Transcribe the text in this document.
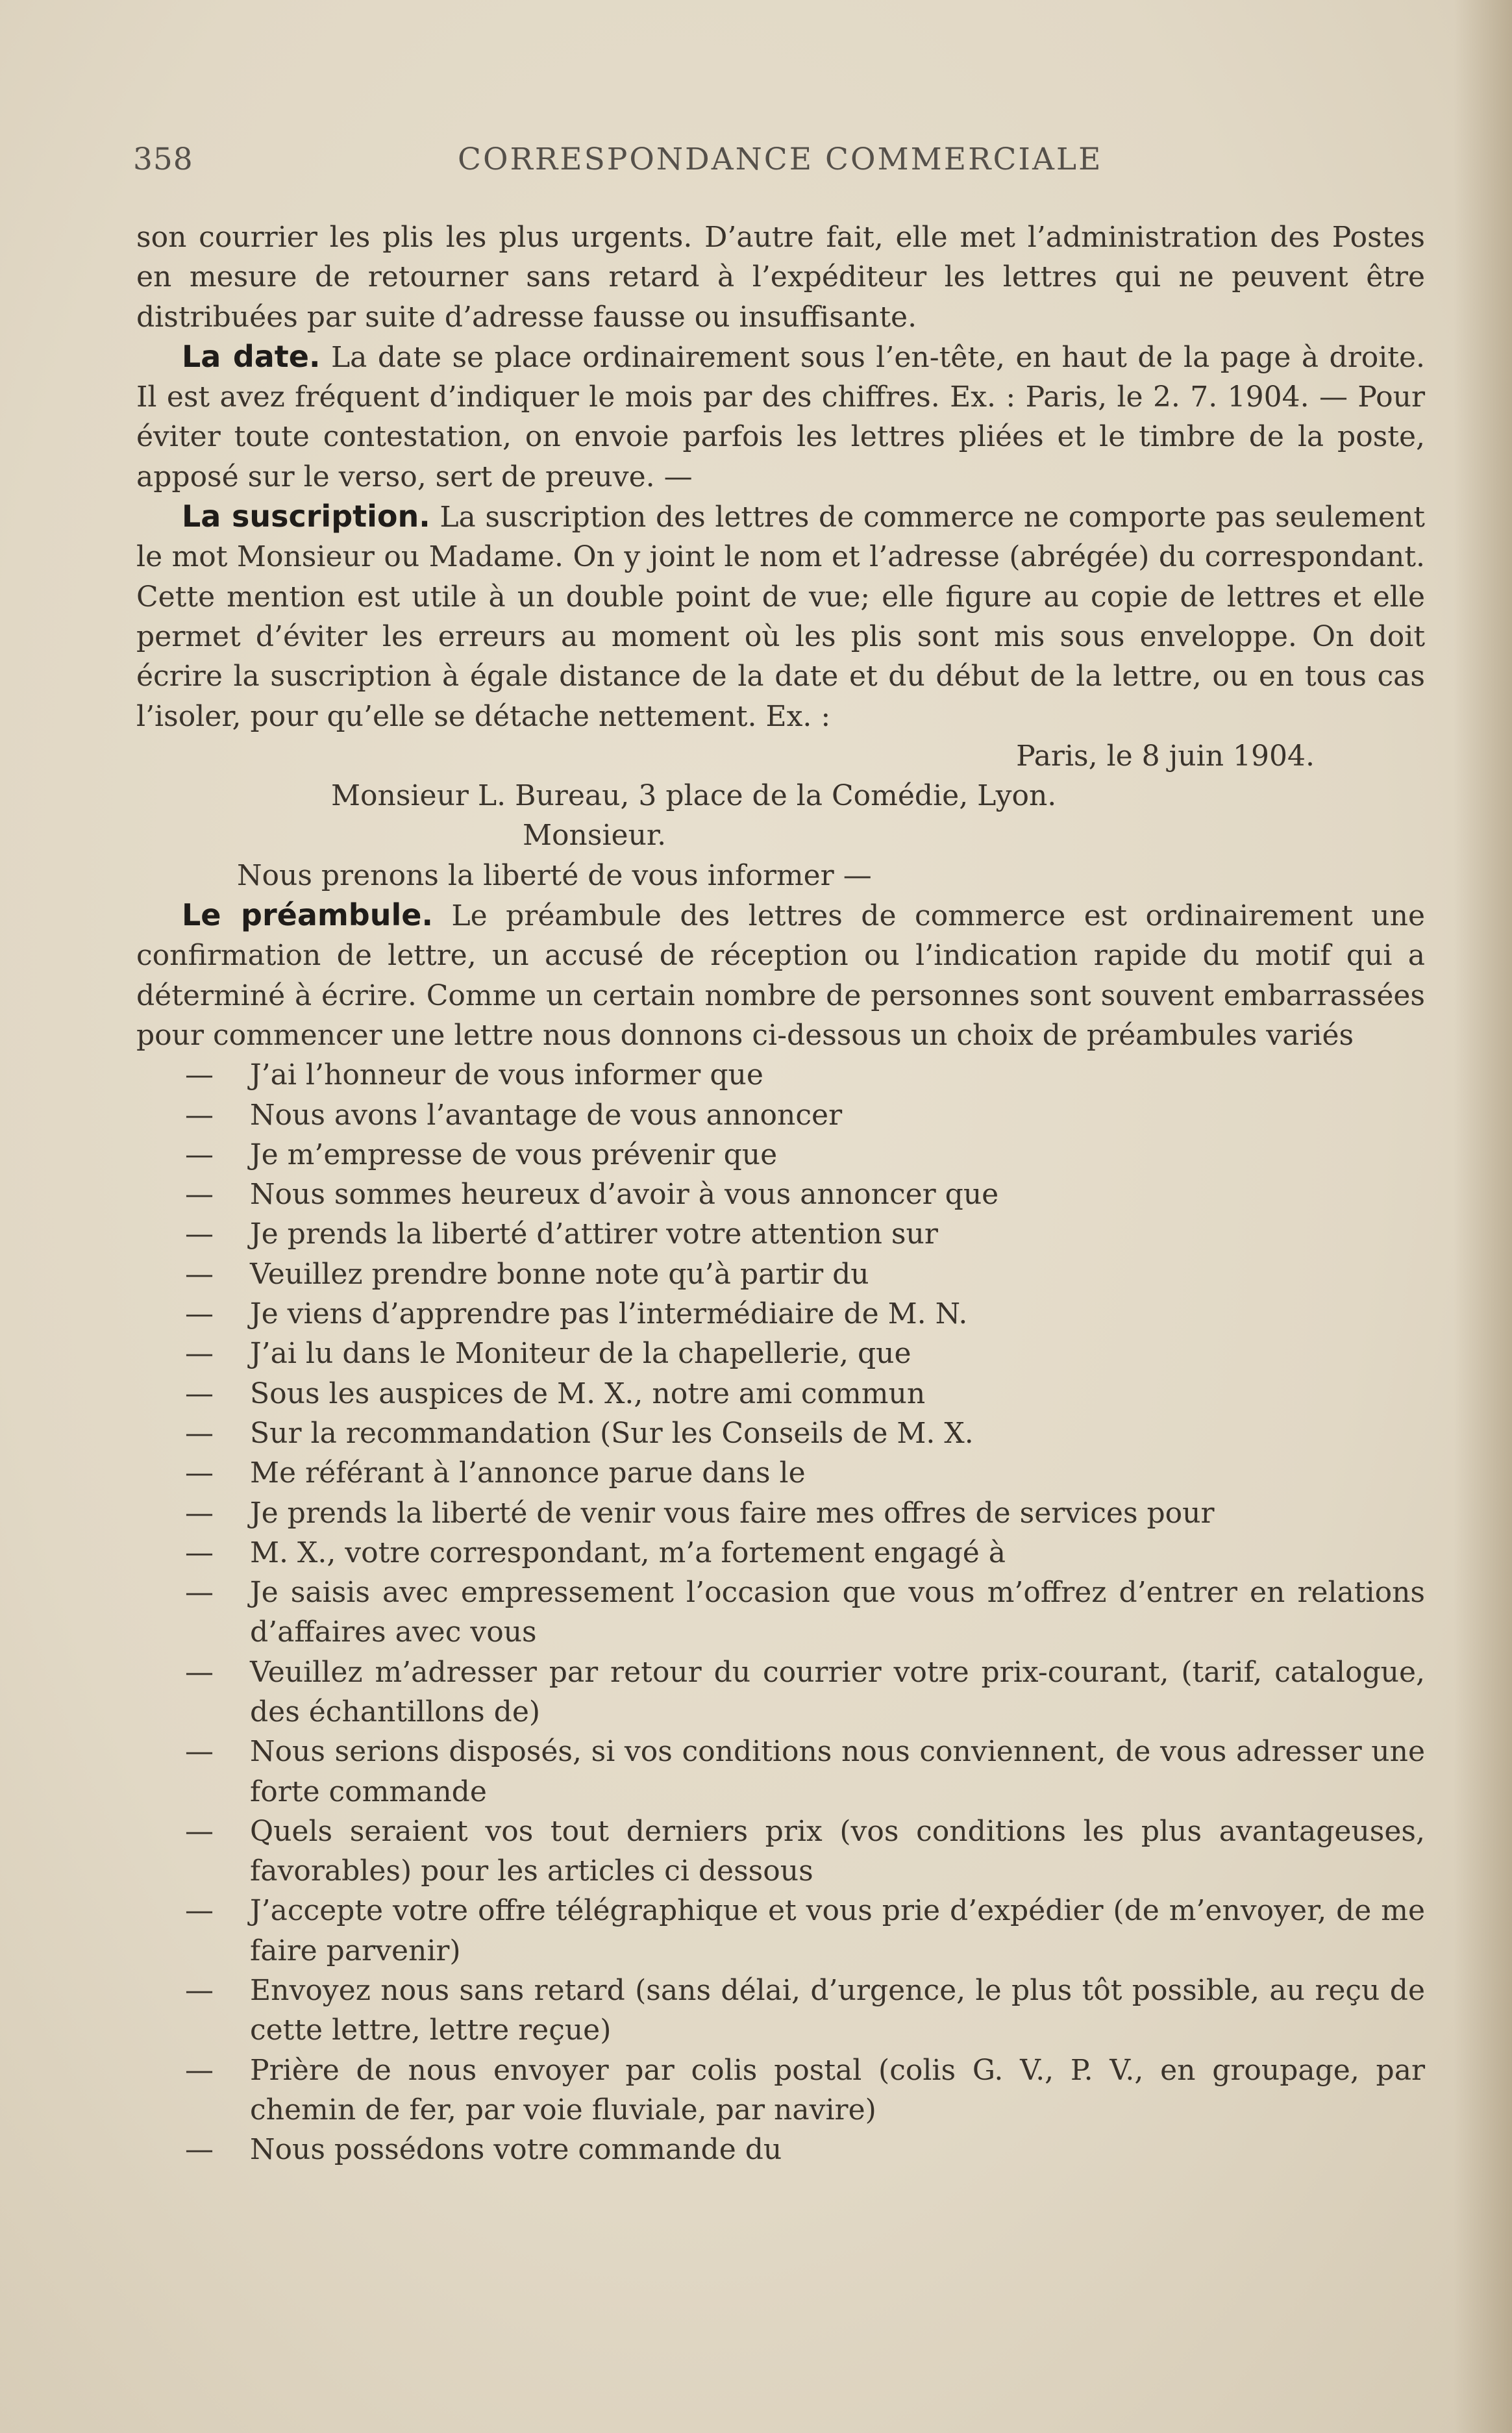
358	CORRESPONDANCE COMMERCIALE

son courrier les plis les plus urgents. D’autre fait, elle met l’administration des Postes en mesure de retourner sans retard à l’expéditeur les lettres qui ne peuvent être distribuées par suite d’adresse fausse ou insuffisante.

La date. La date se place ordinairement sous l’en-tête, en haut de la page à droite. Il est avez fréquent d’indiquer le mois par des chiffres. Ex. : Paris, le 2. 7. 1904. — Pour éviter toute contestation, on envoie parfois les lettres pliées et le timbre de la poste, apposé sur le verso, sert de preuve. —

La suscription. La suscription des lettres de commerce ne comporte pas seulement le mot Monsieur ou Madame. On y joint le nom et l’adresse (abrégée) du correspondant. Cette mention est utile à un double point de vue; elle figure au copie de lettres et elle permet d’éviter les erreurs au moment où les plis sont mis sous enveloppe. On doit écrire la suscription à égale distance de la date et du début de la lettre, ou en tous cas l’isoler, pour qu’elle se détache nettement. Ex. :

Paris, le 8 juin 1904.

Monsieur L. Bureau, 3 place de la Comédie, Lyon.

Monsieur.

Nous prenons la liberté de vous informer —

Le préambule. Le préambule des lettres de commerce est ordinairement une confirmation de lettre, un accusé de réception ou l’indication rapide du motif qui a déterminé à écrire. Comme un certain nombre de personnes sont souvent embarrassées pour commencer une lettre nous donnons ci-dessous un choix de préambules variés

— J’ai l’honneur de vous informer que

— Nous avons l’avantage de vous annoncer

— Je m’empresse de vous prévenir que

— Nous sommes heureux d’avoir à vous annoncer que

— Je prends la liberté d’attirer votre attention sur

— Veuillez prendre bonne note qu’à partir du

— Je viens d’apprendre pas l’intermédiaire de M. N.

— J’ai lu dans le Moniteur de la chapellerie, que

— Sous les auspices de M. X., notre ami commun

— Sur la recommandation (Sur les Conseils de M. X.

— Me référant à l’annonce parue dans le

— Je prends la liberté de venir vous faire mes offres de services pour

— M. X., votre correspondant, m’a fortement engagé à

— Je saisis avec empressement l’occasion que vous m’offrez d’entrer en relations d’affaires avec vous

— Veuillez m’adresser par retour du courrier votre prix-courant, (tarif, catalogue, des échantillons de)

— Nous serions disposés, si vos conditions nous conviennent, de vous adresser une forte commande

— Quels seraient vos tout derniers prix (vos conditions les plus avantageuses, favorables) pour les articles ci dessous

— J’accepte votre offre télégraphique et vous prie d’expédier (de m’envoyer, de me faire parvenir)

— Envoyez nous sans retard (sans délai, d’urgence, le plus tôt possible, au reçu de cette lettre, lettre reçue)

— Prière de nous envoyer par colis postal (colis G. V., P. V., en groupage, par chemin de fer, par voie fluviale, par navire)

— Nous possédons votre commande du
